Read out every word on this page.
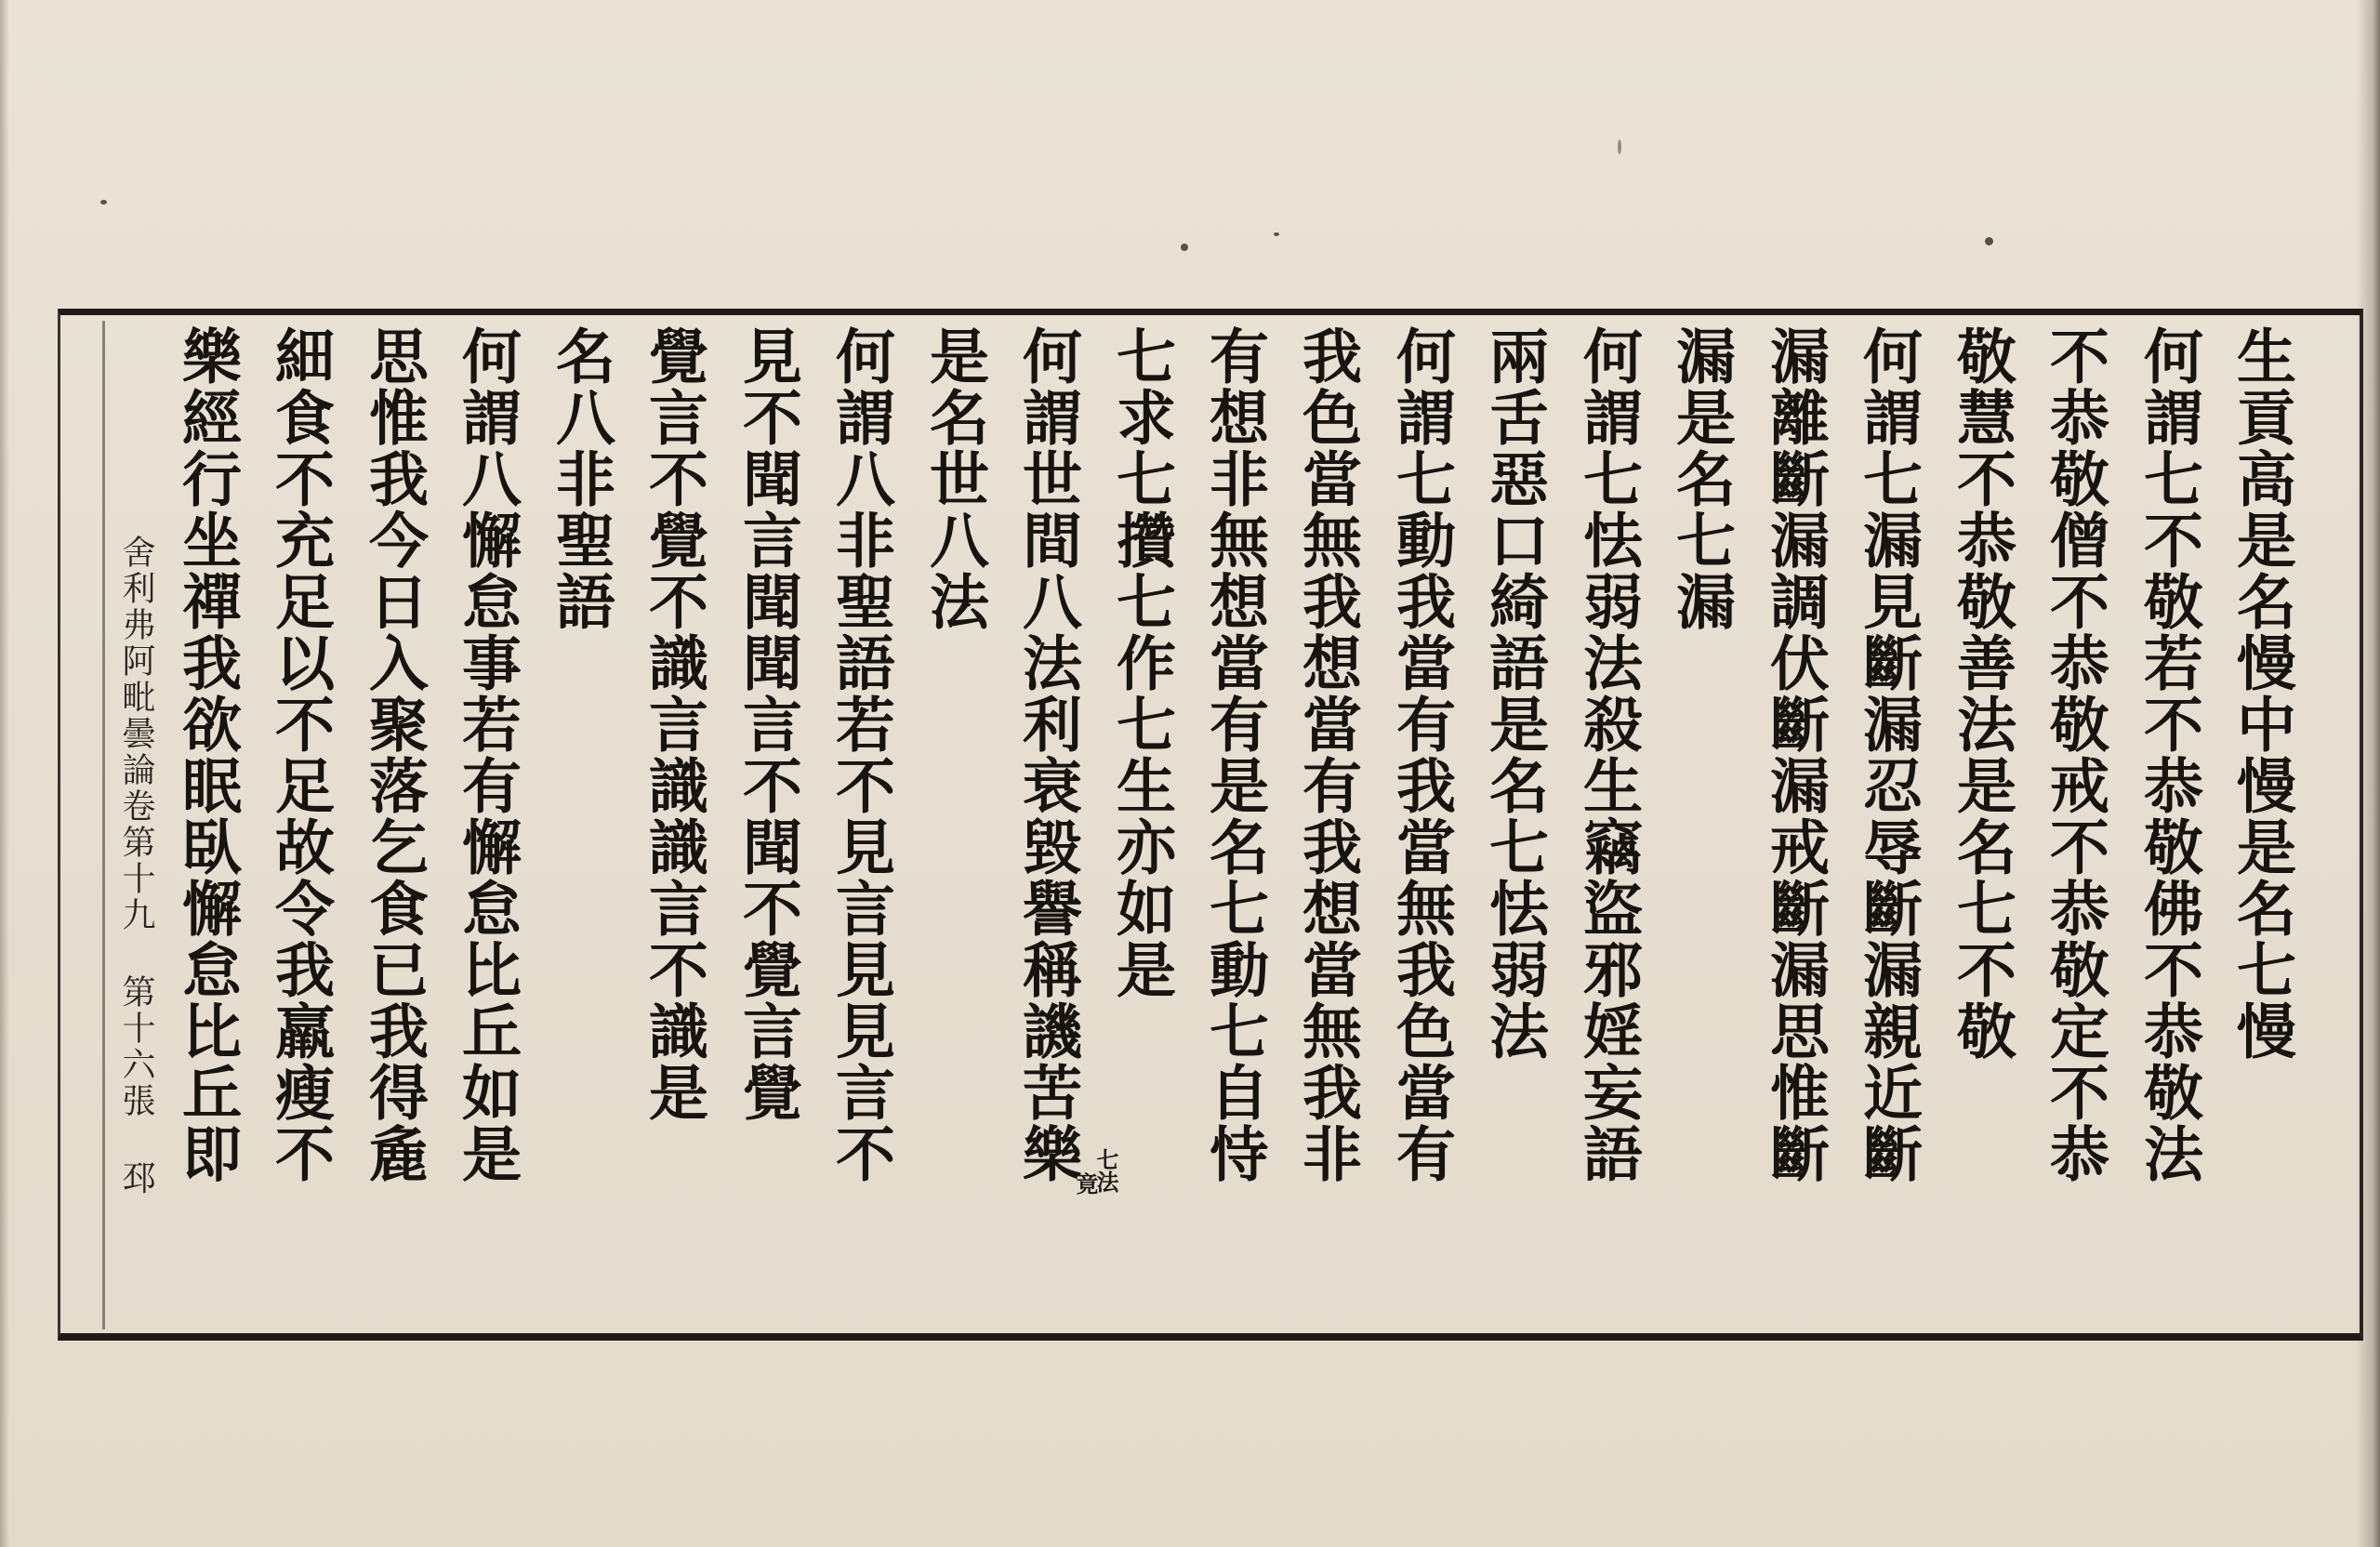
生貢高是名慢中慢是名七慢
何謂七不敬若不恭敬佛不恭敬法
不恭敬僧不恭敬戒不恭敬定不恭
敬慧不恭敬善法是名七不敬
何謂七漏見斷漏忍辱斷漏親近斷
漏離斷漏調伏斷漏戒斷漏思惟斷
漏是名七漏
何謂七怯弱法殺生竊盜邪婬妄語
兩舌惡口綺語是名七怯弱法
何謂七動我當有我當無我色當有
我色當無我想當有我想當無我非
有想非無想當有是名七動七自恃
七求七攢七作七生亦如是
七法
竟
何謂世間八法利衰毀譽稱譏苦樂
是名世八法
何謂八非聖語若不見言見見言不
見不聞言聞聞言不聞不覺言覺
覺言不覺不識言識識言不識是
名八非聖語
何謂八懈怠事若有懈怠比丘如是
思惟我今日入聚落乞食已我得麁
細食不充足以不足故令我羸瘦不
樂經行坐禪我欲眠臥懈怠比丘即
舍利弗阿毗曇論卷第十九 第十六張 邳
